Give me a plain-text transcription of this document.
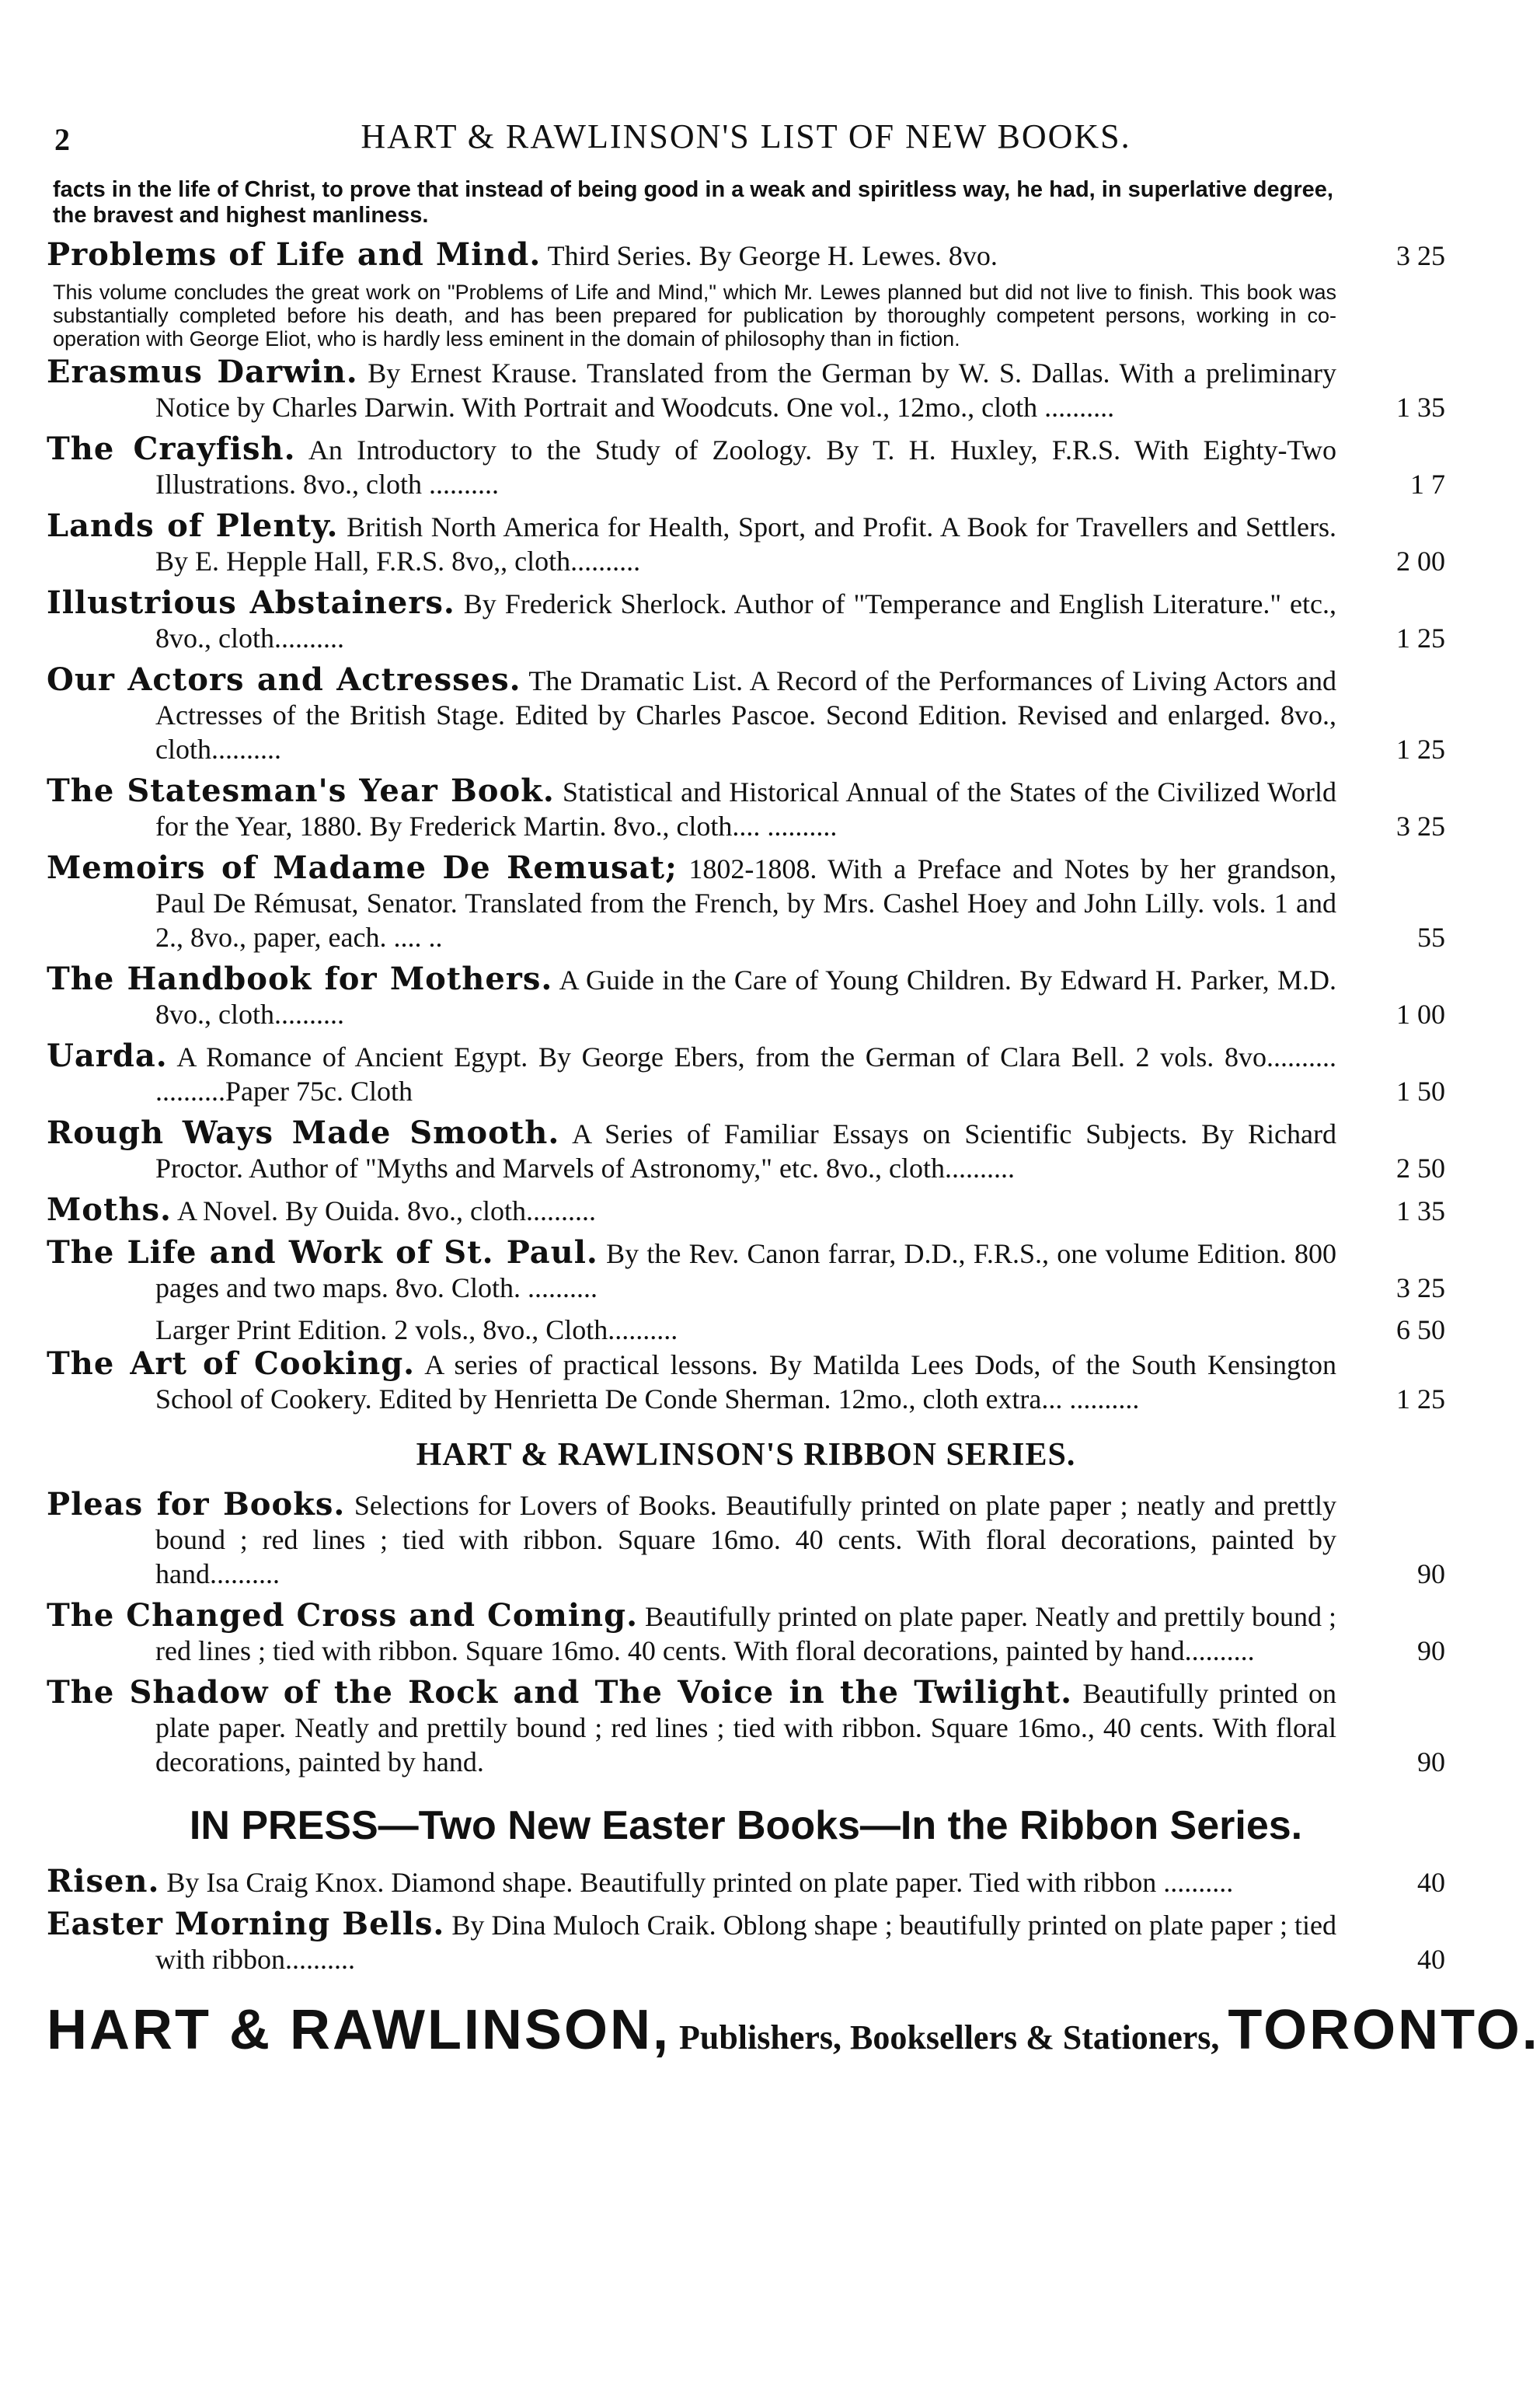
2	HART & RAWLINSON'S LIST OF NEW BOOKS.
facts in the life of Christ, to prove that instead of being good in a weak and spiritless way, he had, in superlative degree, the bravest and highest manliness.
Problems of Life and Mind. Third Series. By George H. Lewes. 8vo.	3 25
This volume concludes the great work on "Problems of Life and Mind," which Mr. Lewes planned but did not live to finish. This book was substantially completed before his death, and has been prepared for publication by thoroughly competent persons, working in co-operation with George Eliot, who is hardly less eminent in the domain of philosophy than in fiction.
Erasmus Darwin. By Ernest Krause. Translated from the German by W. S. Dallas. With a preliminary Notice by Charles Darwin. With Portrait and Woodcuts. One vol., 12mo., cloth ..........	1 35
The Crayfish. An Introductory to the Study of Zoology. By T. H. Huxley, F.R.S. With Eighty-Two Illustrations. 8vo., cloth ..........	1 7
Lands of Plenty. British North America for Health, Sport, and Profit. A Book for Travellers and Settlers. By E. Hepple Hall, F.R.S. 8vo,, cloth..........	2 00
Illustrious Abstainers. By Frederick Sherlock. Author of "Temperance and English Literature." etc., 8vo., cloth..........	1 25
Our Actors and Actresses. The Dramatic List. A Record of the Performances of Living Actors and Actresses of the British Stage. Edited by Charles Pascoe. Second Edition. Revised and enlarged. 8vo., cloth..........	1 25
The Statesman's Year Book. Statistical and Historical Annual of the States of the Civilized World for the Year, 1880. By Frederick Martin. 8vo., cloth.... ..........	3 25
Memoirs of Madame De Remusat; 1802-1808. With a Preface and Notes by her grandson, Paul De Rémusat, Senator. Translated from the French, by Mrs. Cashel Hoey and John Lilly. vols. 1 and 2., 8vo., paper, each. .... ..	55
The Handbook for Mothers. A Guide in the Care of Young Children. By Edward H. Parker, M.D. 8vo., cloth..........	1 00
Uarda. A Romance of Ancient Egypt. By George Ebers, from the German of Clara Bell. 2 vols. 8vo.......... ..........Paper 75c. Cloth	1 50
Rough Ways Made Smooth. A Series of Familiar Essays on Scientific Subjects. By Richard Proctor. Author of "Myths and Marvels of Astronomy," etc. 8vo., cloth..........	2 50
Moths. A Novel. By Ouida. 8vo., cloth..........	1 35
The Life and Work of St. Paul. By the Rev. Canon farrar, D.D., F.R.S., one volume Edition. 800 pages and two maps. 8vo. Cloth. ..........	3 25
Larger Print Edition. 2 vols., 8vo., Cloth..........	6 50
The Art of Cooking. A series of practical lessons. By Matilda Lees Dods, of the South Kensington School of Cookery. Edited by Henrietta De Conde Sherman. 12mo., cloth extra... ..........	1 25
HART & RAWLINSON'S RIBBON SERIES.
Pleas for Books. Selections for Lovers of Books. Beautifully printed on plate paper ; neatly and prettly bound ; red lines ; tied with ribbon. Square 16mo. 40 cents. With floral decorations, painted by hand..........	90
The Changed Cross and Coming. Beautifully printed on plate paper. Neatly and prettily bound ; red lines ; tied with ribbon. Square 16mo. 40 cents. With floral decorations, painted by hand..........	90
The Shadow of the Rock and The Voice in the Twilight. Beautifully printed on plate paper. Neatly and prettily bound ; red lines ; tied with ribbon. Square 16mo., 40 cents. With floral decorations, painted by hand.	90
IN PRESS—Two New Easter Books—In the Ribbon Series.
Risen. By Isa Craig Knox. Diamond shape. Beautifully printed on plate paper. Tied with ribbon ..........	40
Easter Morning Bells. By Dina Muloch Craik. Oblong shape ; beautifully printed on plate paper ; tied with ribbon..........	40
HART & RAWLINSON, Publishers, Booksellers & Stationers, TORONTO.
